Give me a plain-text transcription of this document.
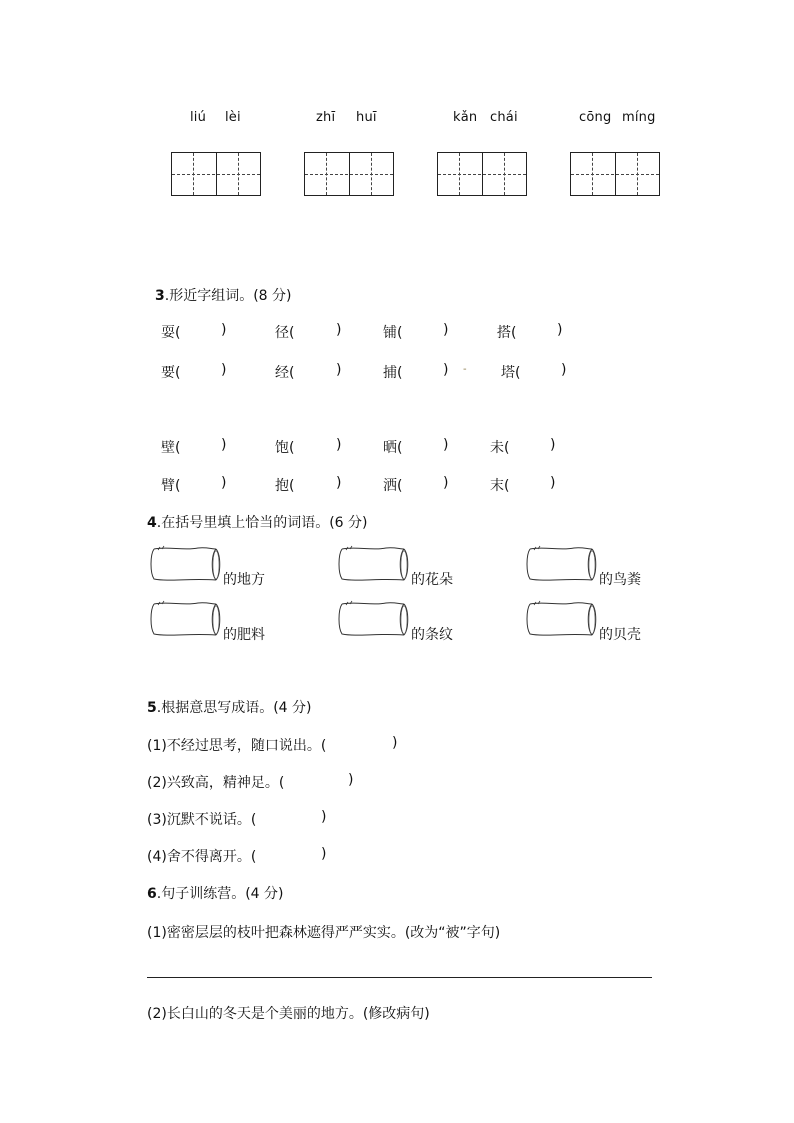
liú lèi	zhī huī	kǎn chái	cōng míng
3.形近字组词。(8 分)
耍(	)	径(	)	铺(	)	搭(	)
要(	)	经(	)	捕(	) - 塔(	)
壁(	)	饱(	)	晒(	)	未(	)
臂(	)	抱(	)	洒(	)	末(	)
4.在括号里填上恰当的词语。(6 分)
的地方	的花朵	的鸟粪
的肥料	的条纹	的贝壳
5.根据意思写成语。(4 分)
(1)不经过思考，随口说出。(	)
(2)兴致高，精神足。(	)
(3)沉默不说话。(	)
(4)舍不得离开。(	)
6.句子训练营。(4 分)
(1)密密层层的枝叶把森林遮得严严实实。(改为“被”字句)
(2)长白山的冬天是个美丽的地方。(修改病句)
